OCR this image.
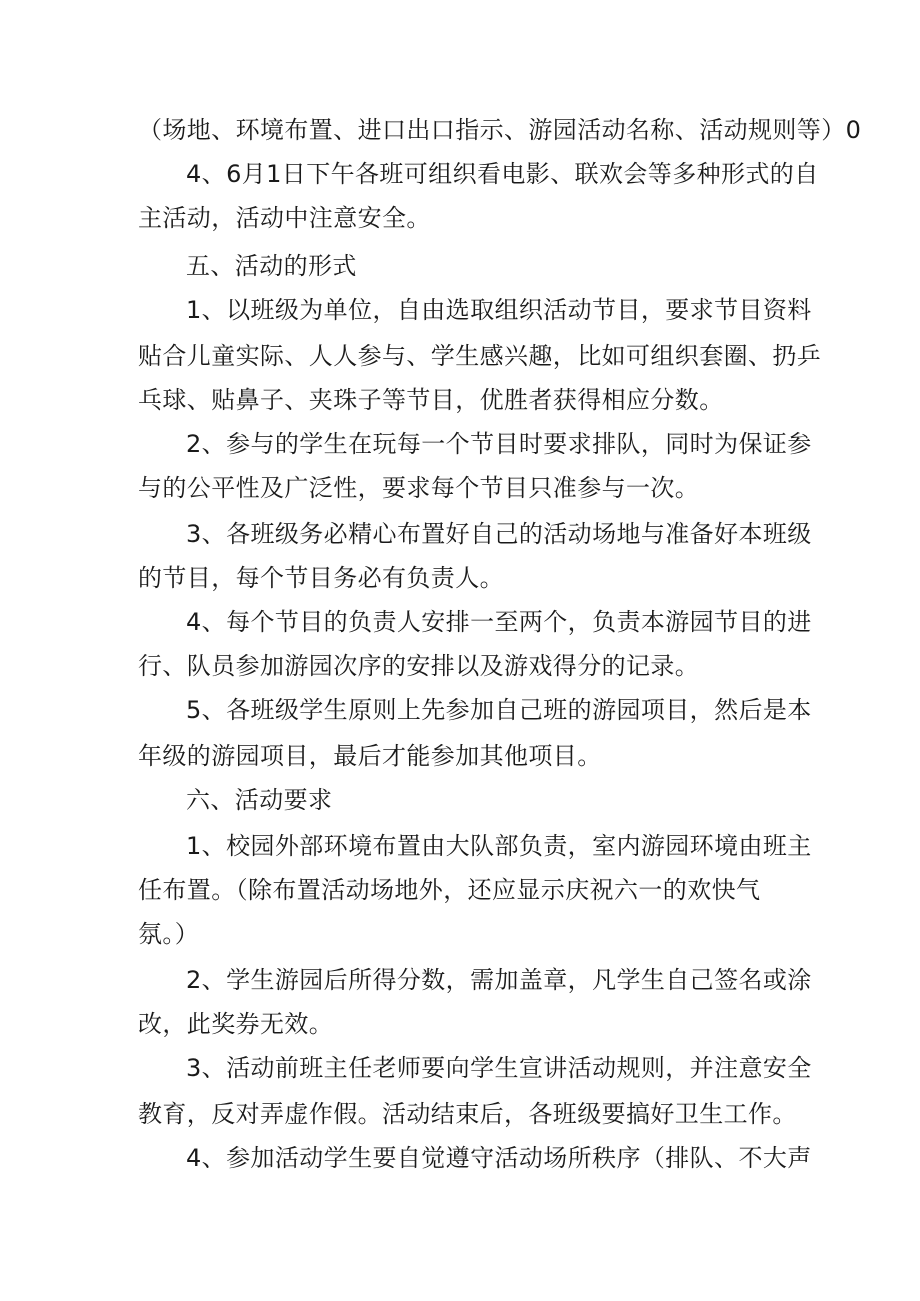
（场地、环境布置、进口出口指示、游园活动名称、活动规则等）0
4、6月1日下午各班可组织看电影、联欢会等多种形式的自
主活动，活动中注意安全。
五、活动的形式
1、以班级为单位，自由选取组织活动节目，要求节目资料
贴合儿童实际、人人参与、学生感兴趣，比如可组织套圈、扔乒
乓球、贴鼻子、夹珠子等节目，优胜者获得相应分数。
2、参与的学生在玩每一个节目时要求排队，同时为保证参
与的公平性及广泛性，要求每个节目只准参与一次。
3、各班级务必精心布置好自己的活动场地与准备好本班级
的节目，每个节目务必有负责人。
4、每个节目的负责人安排一至两个，负责本游园节目的进
行、队员参加游园次序的安排以及游戏得分的记录。
5、各班级学生原则上先参加自己班的游园项目，然后是本
年级的游园项目，最后才能参加其他项目。
六、活动要求
1、校园外部环境布置由大队部负责，室内游园环境由班主
任布置。（除布置活动场地外，还应显示庆祝六一的欢快气
氛。）
2、学生游园后所得分数，需加盖章，凡学生自己签名或涂
改，此奖券无效。
3、活动前班主任老师要向学生宣讲活动规则，并注意安全
教育，反对弄虚作假。活动结束后，各班级要搞好卫生工作。
4、参加活动学生要自觉遵守活动场所秩序（排队、不大声
